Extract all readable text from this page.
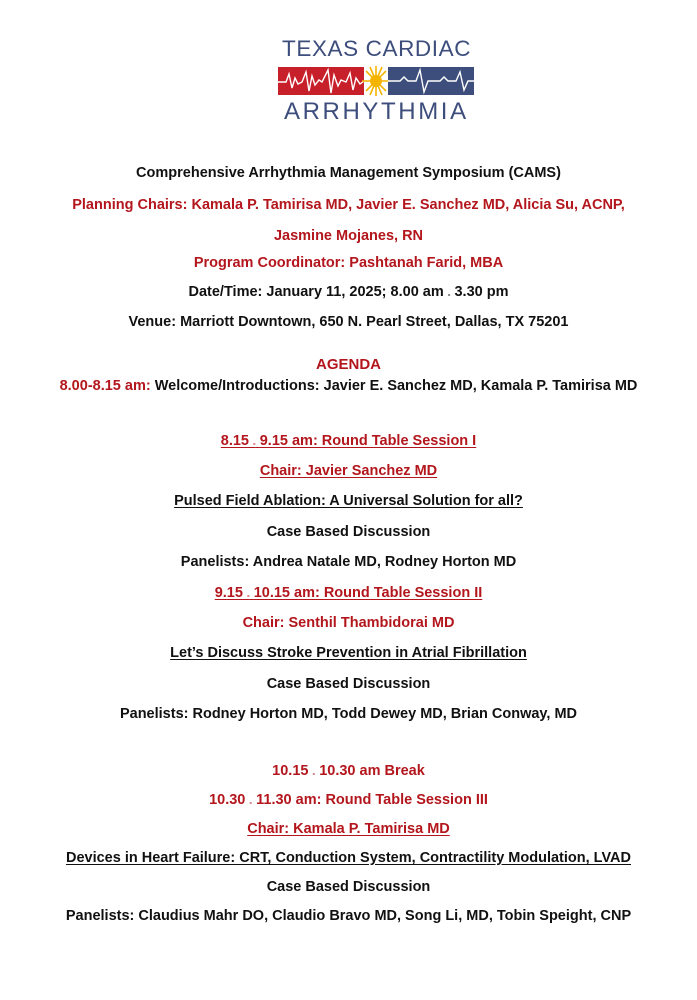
TEXAS CARDIAC
ARRHYTHMIA
Comprehensive Arrhythmia Management Symposium (CAMS)
Planning Chairs: Kamala P. Tamirisa MD, Javier E. Sanchez MD, Alicia Su, ACNP,
Jasmine Mojanes, RN
Program Coordinator: Pashtanah Farid, MBA
Date/Time: January 11, 2025; 8.00 am - 3.30 pm
Venue: Marriott Downtown, 650 N. Pearl Street, Dallas, TX 75201
AGENDA
8.00-8.15 am: Welcome/Introductions: Javier E. Sanchez MD, Kamala P. Tamirisa MD
8.15 - 9.15 am: Round Table Session I
Chair: Javier Sanchez MD
Pulsed Field Ablation: A Universal Solution for all?
Case Based Discussion
Panelists: Andrea Natale MD, Rodney Horton MD
9.15 - 10.15 am: Round Table Session II
Chair: Senthil Thambidorai MD
Let’s Discuss Stroke Prevention in Atrial Fibrillation
Case Based Discussion
Panelists: Rodney Horton MD, Todd Dewey MD, Brian Conway, MD
10.15 - 10.30 am Break
10.30 - 11.30 am: Round Table Session III
Chair: Kamala P. Tamirisa MD
Devices in Heart Failure: CRT, Conduction System, Contractility Modulation, LVAD
Case Based Discussion
Panelists: Claudius Mahr DO, Claudio Bravo MD, Song Li, MD, Tobin Speight, CNP
